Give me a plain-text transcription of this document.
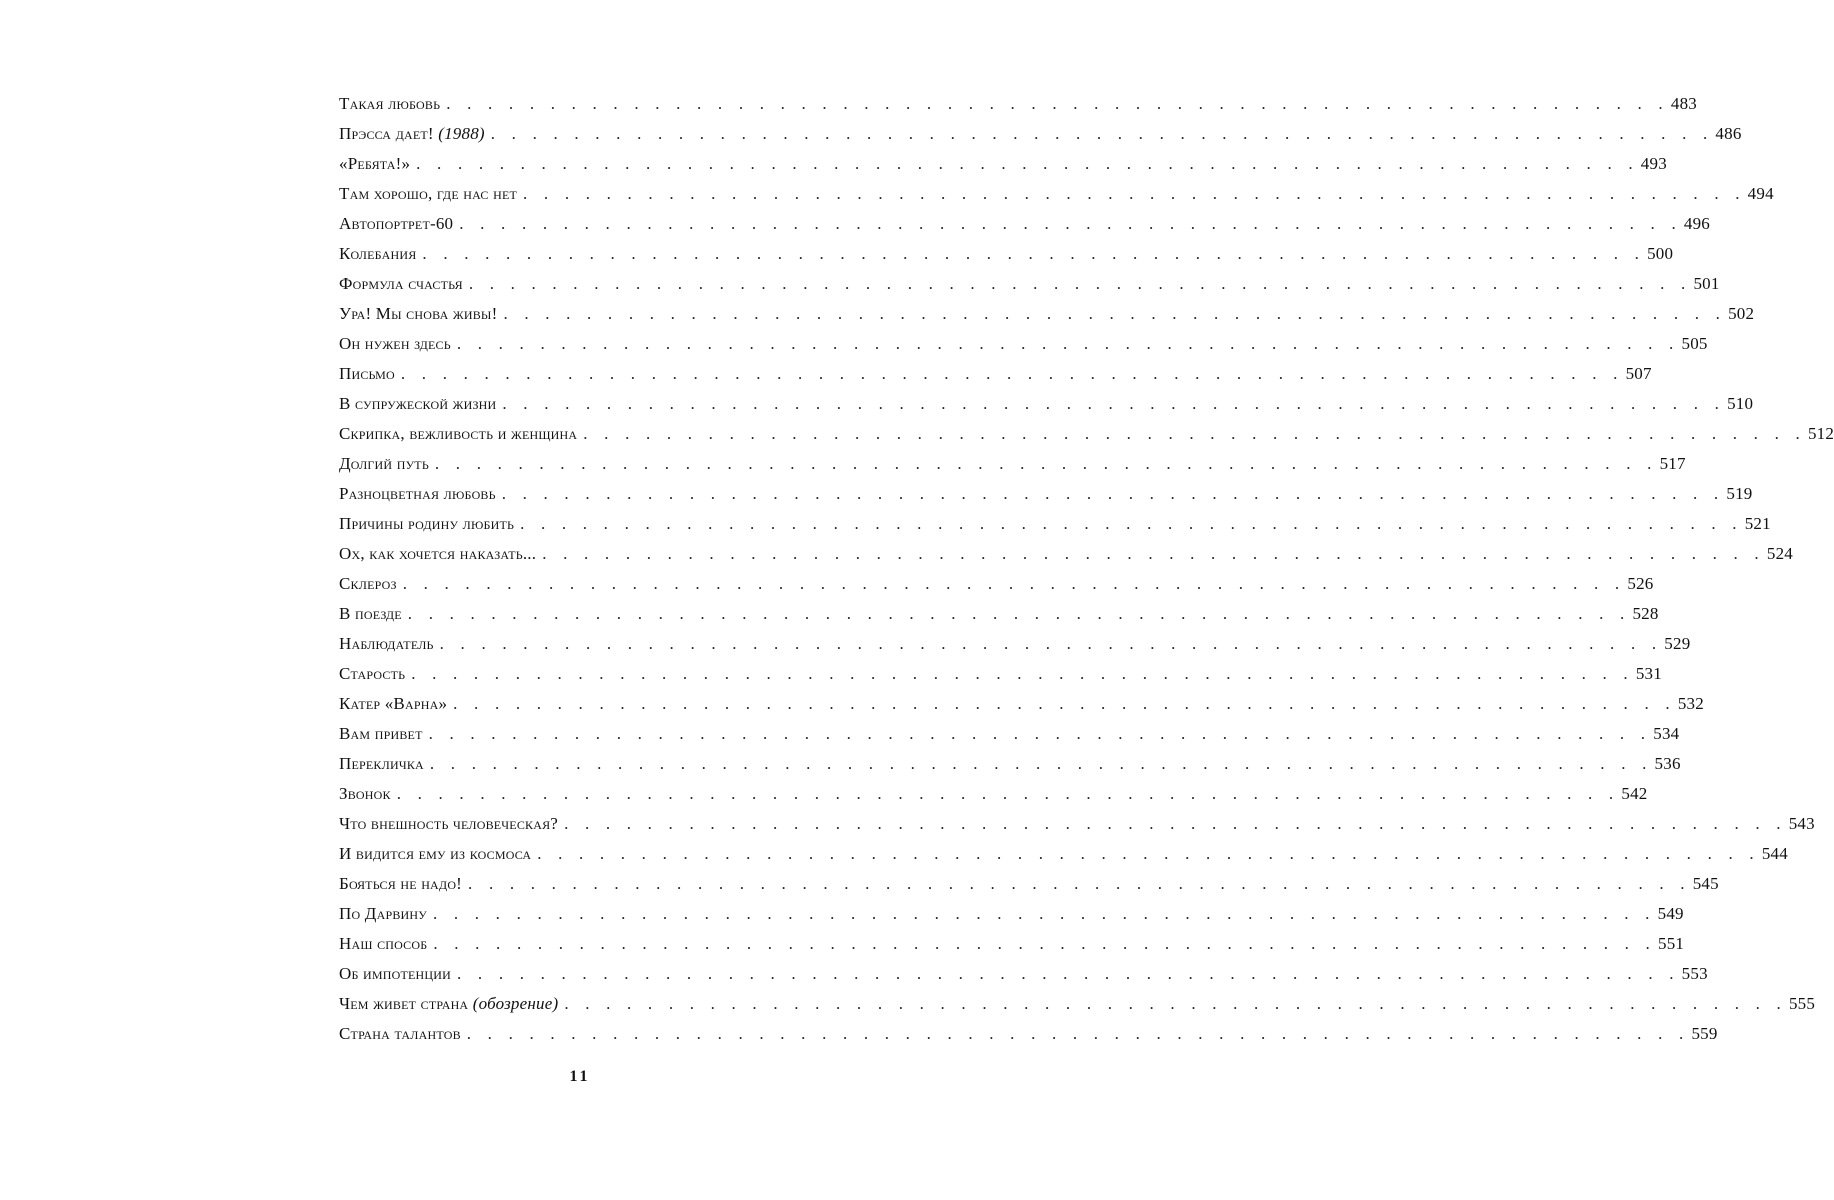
Такая любовь . . . . . . . . . . . . . . . . . . . . . . . . . . . . . . . . . . . . . . . . . . . . . . . . . . . . . . . . . . . 483
Прэсса дает! (1988) . . . . . . . . . . . . . . . . . . . . . . . . . . . . . . . . . . . . . . . . . . . . . . . . . . . . . . . . . . . 486
«Ребята!» . . . . . . . . . . . . . . . . . . . . . . . . . . . . . . . . . . . . . . . . . . . . . . . . . . . . . . . . . . . 493
Там хорошо, где нас нет . . . . . . . . . . . . . . . . . . . . . . . . . . . . . . . . . . . . . . . . . . . . . . . . . . . . . . . . . . . 494
Автопортрет-60 . . . . . . . . . . . . . . . . . . . . . . . . . . . . . . . . . . . . . . . . . . . . . . . . . . . . . . . . . . . 496
Колебания . . . . . . . . . . . . . . . . . . . . . . . . . . . . . . . . . . . . . . . . . . . . . . . . . . . . . . . . . . . 500
Формула счастья . . . . . . . . . . . . . . . . . . . . . . . . . . . . . . . . . . . . . . . . . . . . . . . . . . . . . . . . . . . 501
Ура! Мы снова живы! . . . . . . . . . . . . . . . . . . . . . . . . . . . . . . . . . . . . . . . . . . . . . . . . . . . . . . . . . . . 502
Он нужен здесь . . . . . . . . . . . . . . . . . . . . . . . . . . . . . . . . . . . . . . . . . . . . . . . . . . . . . . . . . . . 505
Письмо . . . . . . . . . . . . . . . . . . . . . . . . . . . . . . . . . . . . . . . . . . . . . . . . . . . . . . . . . . . 507
В супружеской жизни . . . . . . . . . . . . . . . . . . . . . . . . . . . . . . . . . . . . . . . . . . . . . . . . . . . . . . . . . . . 510
Скрипка, вежливость и женщина . . . . . . . . . . . . . . . . . . . . . . . . . . . . . . . . . . . . . . . . . . . . . . . . . . . . . . . . . . . 512
Долгий путь . . . . . . . . . . . . . . . . . . . . . . . . . . . . . . . . . . . . . . . . . . . . . . . . . . . . . . . . . . . 517
Разноцветная любовь . . . . . . . . . . . . . . . . . . . . . . . . . . . . . . . . . . . . . . . . . . . . . . . . . . . . . . . . . . . 519
Причины родину любить . . . . . . . . . . . . . . . . . . . . . . . . . . . . . . . . . . . . . . . . . . . . . . . . . . . . . . . . . . . 521
Ох, как хочется наказать... . . . . . . . . . . . . . . . . . . . . . . . . . . . . . . . . . . . . . . . . . . . . . . . . . . . . . . . . . . . 524
Склероз . . . . . . . . . . . . . . . . . . . . . . . . . . . . . . . . . . . . . . . . . . . . . . . . . . . . . . . . . . . 526
В поезде . . . . . . . . . . . . . . . . . . . . . . . . . . . . . . . . . . . . . . . . . . . . . . . . . . . . . . . . . . . 528
Наблюдатель . . . . . . . . . . . . . . . . . . . . . . . . . . . . . . . . . . . . . . . . . . . . . . . . . . . . . . . . . . . 529
Старость . . . . . . . . . . . . . . . . . . . . . . . . . . . . . . . . . . . . . . . . . . . . . . . . . . . . . . . . . . . 531
Катер «Варна» . . . . . . . . . . . . . . . . . . . . . . . . . . . . . . . . . . . . . . . . . . . . . . . . . . . . . . . . . . . 532
Вам привет . . . . . . . . . . . . . . . . . . . . . . . . . . . . . . . . . . . . . . . . . . . . . . . . . . . . . . . . . . . 534
Перекличка . . . . . . . . . . . . . . . . . . . . . . . . . . . . . . . . . . . . . . . . . . . . . . . . . . . . . . . . . . . 536
Звонок . . . . . . . . . . . . . . . . . . . . . . . . . . . . . . . . . . . . . . . . . . . . . . . . . . . . . . . . . . . 542
Что внешность человеческая? . . . . . . . . . . . . . . . . . . . . . . . . . . . . . . . . . . . . . . . . . . . . . . . . . . . . . . . . . . . 543
И видится ему из космоса . . . . . . . . . . . . . . . . . . . . . . . . . . . . . . . . . . . . . . . . . . . . . . . . . . . . . . . . . . . 544
Бояться не надо! . . . . . . . . . . . . . . . . . . . . . . . . . . . . . . . . . . . . . . . . . . . . . . . . . . . . . . . . . . . 545
По Дарвину . . . . . . . . . . . . . . . . . . . . . . . . . . . . . . . . . . . . . . . . . . . . . . . . . . . . . . . . . . . 549
Наш способ . . . . . . . . . . . . . . . . . . . . . . . . . . . . . . . . . . . . . . . . . . . . . . . . . . . . . . . . . . . 551
Об импотенции . . . . . . . . . . . . . . . . . . . . . . . . . . . . . . . . . . . . . . . . . . . . . . . . . . . . . . . . . . . 553
Чем живет страна (обозрение) . . . . . . . . . . . . . . . . . . . . . . . . . . . . . . . . . . . . . . . . . . . . . . . . . . . . . . . . . . . 555
Страна талантов . . . . . . . . . . . . . . . . . . . . . . . . . . . . . . . . . . . . . . . . . . . . . . . . . . . . . . . . . . . 559
11
